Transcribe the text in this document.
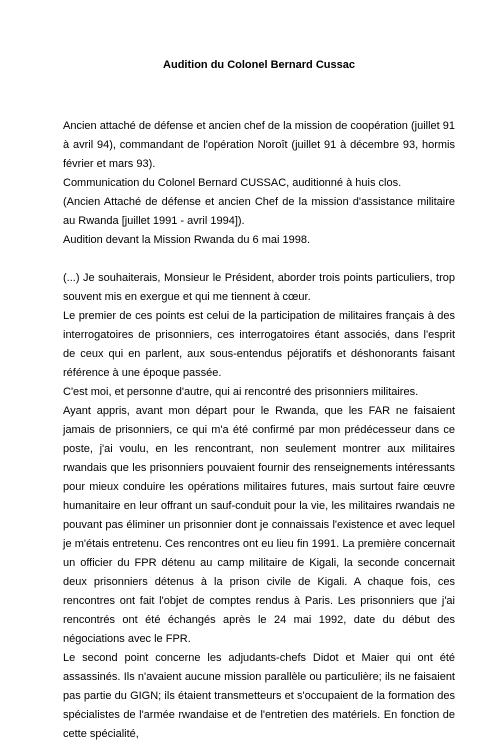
Audition du Colonel Bernard Cussac

Ancien attaché de défense et ancien chef de la mission de coopération (juillet 91 à avril 94), commandant de l'opération Noroît (juillet 91 à décembre 93, hormis février et mars 93).

Communication du Colonel Bernard CUSSAC, auditionné à huis clos.

(Ancien Attaché de défense et ancien Chef de la mission d'assistance militaire au Rwanda [juillet 1991 - avril 1994]).

Audition devant la Mission Rwanda du 6 mai 1998.

(...) Je souhaiterais, Monsieur le Président, aborder trois points particuliers, trop souvent mis en exergue et qui me tiennent à cœur.

Le premier de ces points est celui de la participation de militaires français à des interrogatoires de prisonniers, ces interrogatoires étant associés, dans l'esprit de ceux qui en parlent, aux sous-entendus péjoratifs et déshonorants faisant référence à une époque passée.

C'est moi, et personne d'autre, qui ai rencontré des prisonniers militaires.

Ayant appris, avant mon départ pour le Rwanda, que les FAR ne faisaient jamais de prisonniers, ce qui m'a été confirmé par mon prédécesseur dans ce poste, j'ai voulu, en les rencontrant, non seulement montrer aux militaires rwandais que les prisonniers pouvaient fournir des renseignements intéressants pour mieux conduire les opérations militaires futures, mais surtout faire œuvre humanitaire en leur offrant un sauf-conduit pour la vie, les militaires rwandais ne pouvant pas éliminer un prisonnier dont je connaissais l'existence et avec lequel je m'étais entretenu. Ces rencontres ont eu lieu fin 1991. La première concernait un officier du FPR détenu au camp militaire de Kigali, la seconde concernait deux prisonniers détenus à la prison civile de Kigali. A chaque fois, ces rencontres ont fait l'objet de comptes rendus à Paris. Les prisonniers que j'ai rencontrés ont été échangés après le 24 mai 1992, date du début des négociations avec le FPR.

Le second point concerne les adjudants-chefs Didot et Maier qui ont été assassinés. Ils n'avaient aucune mission parallèle ou particulière; ils ne faisaient pas partie du GIGN; ils étaient transmetteurs et s'occupaient de la formation des spécialistes de l'armée rwandaise et de l'entretien des matériels. En fonction de cette spécialité,
